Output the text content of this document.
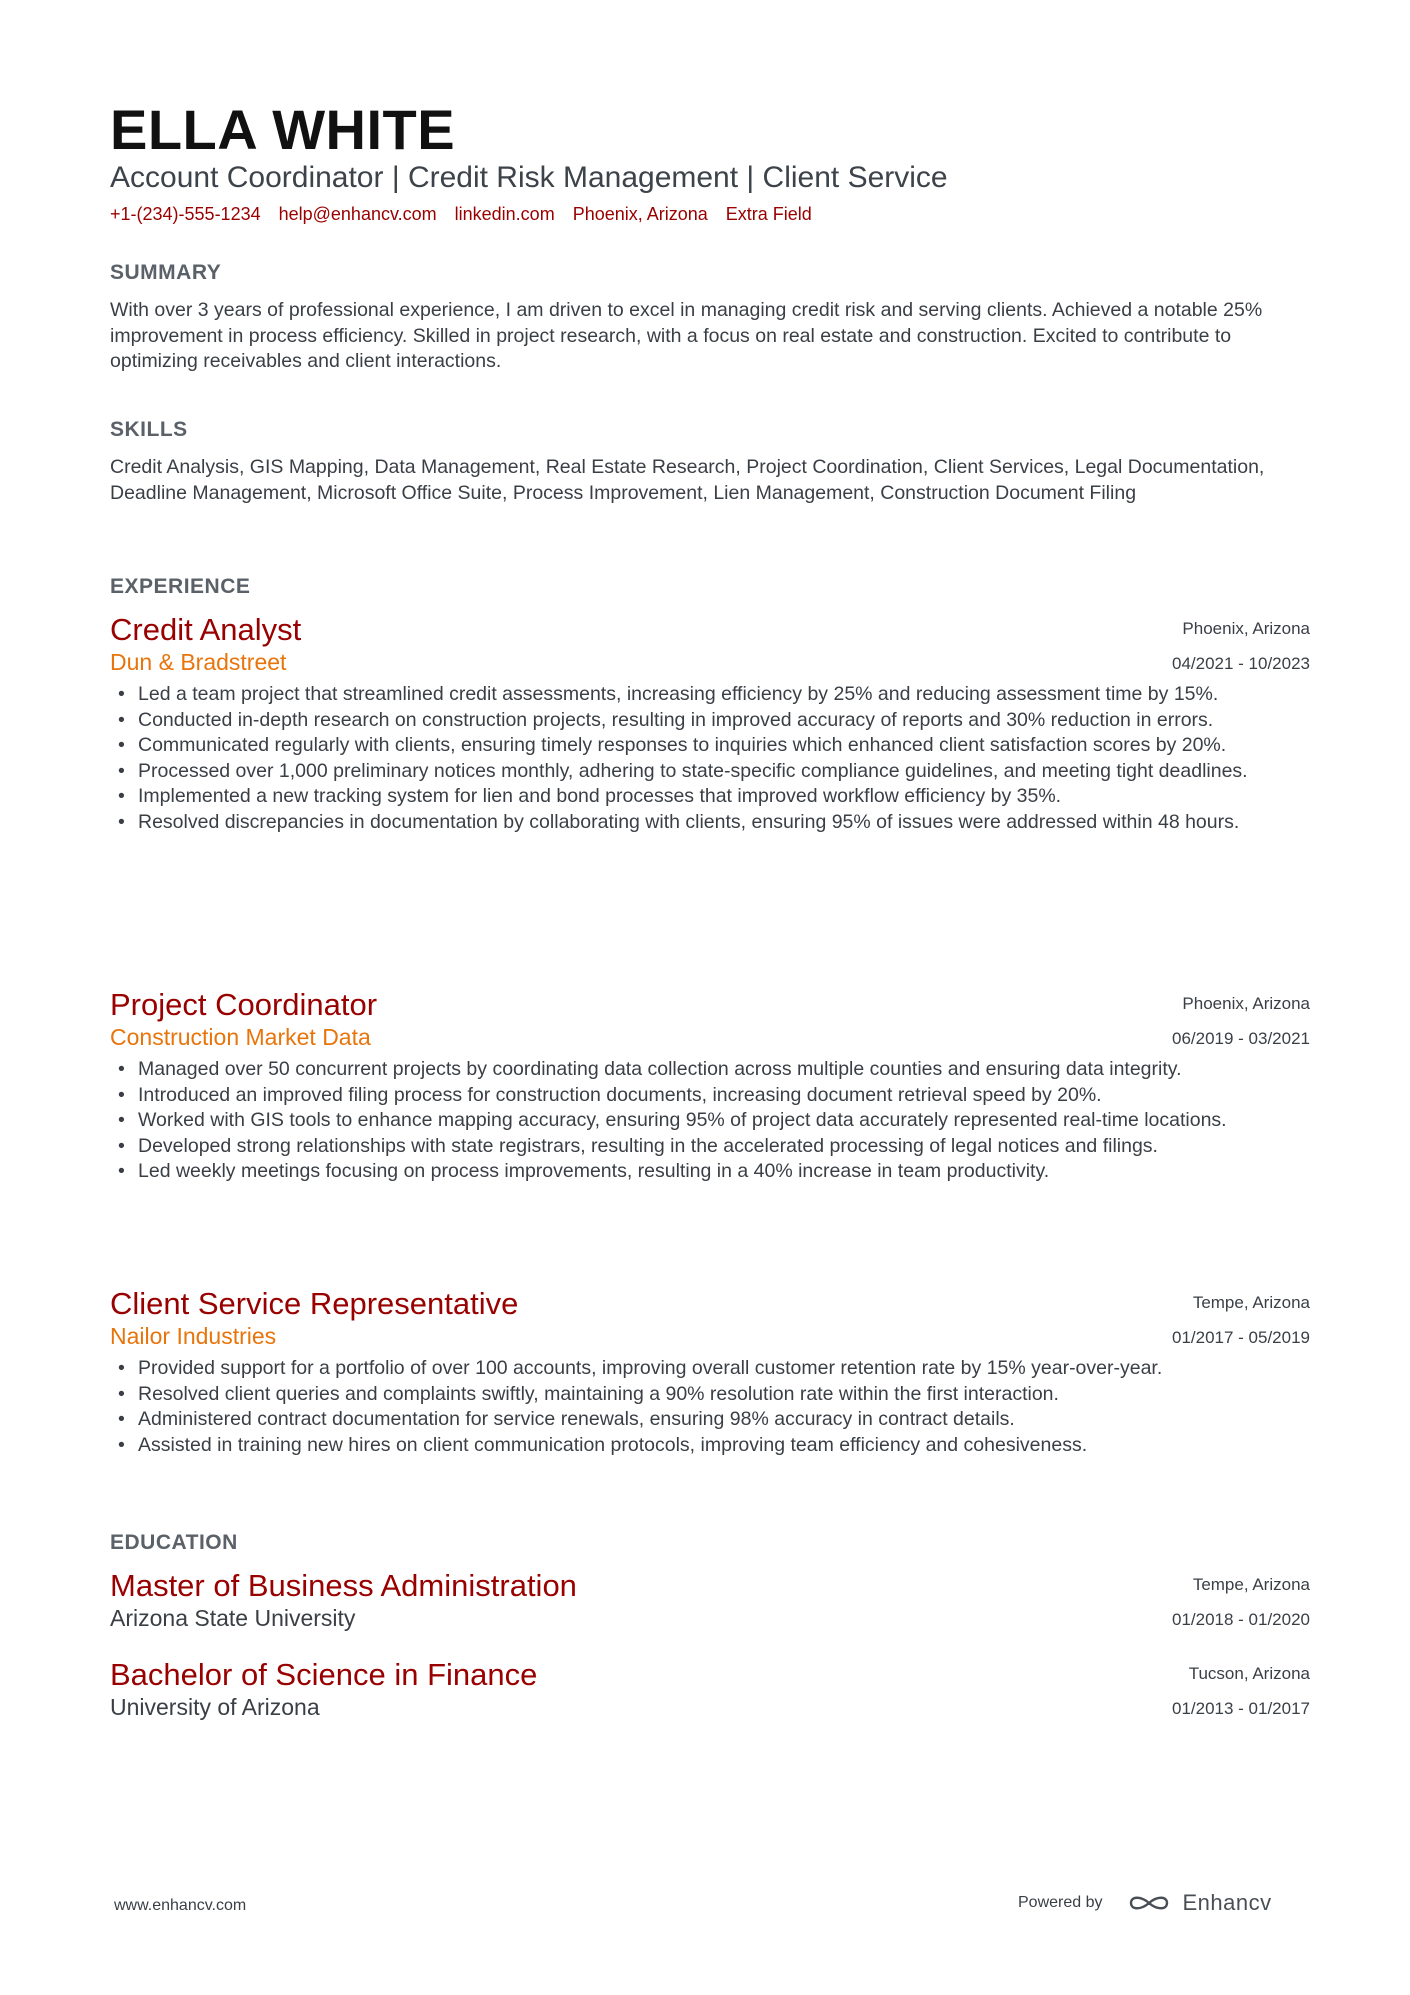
ELLA WHITE
Account Coordinator | Credit Risk Management | Client Service
+1-(234)-555-1234 help@enhancv.com linkedin.com Phoenix, Arizona Extra Field
SUMMARY
With over 3 years of professional experience, I am driven to excel in managing credit risk and serving clients. Achieved a notable 25% improvement in process efficiency. Skilled in project research, with a focus on real estate and construction. Excited to contribute to optimizing receivables and client interactions.
SKILLS
Credit Analysis, GIS Mapping, Data Management, Real Estate Research, Project Coordination, Client Services, Legal Documentation, Deadline Management, Microsoft Office Suite, Process Improvement, Lien Management, Construction Document Filing
EXPERIENCE
Credit Analyst
Dun & Bradstreet
Phoenix, Arizona
04/2021 - 10/2023
• Led a team project that streamlined credit assessments, increasing efficiency by 25% and reducing assessment time by 15%.
• Conducted in-depth research on construction projects, resulting in improved accuracy of reports and 30% reduction in errors.
• Communicated regularly with clients, ensuring timely responses to inquiries which enhanced client satisfaction scores by 20%.
• Processed over 1,000 preliminary notices monthly, adhering to state-specific compliance guidelines, and meeting tight deadlines.
• Implemented a new tracking system for lien and bond processes that improved workflow efficiency by 35%.
• Resolved discrepancies in documentation by collaborating with clients, ensuring 95% of issues were addressed within 48 hours.
Project Coordinator
Construction Market Data
Phoenix, Arizona
06/2019 - 03/2021
• Managed over 50 concurrent projects by coordinating data collection across multiple counties and ensuring data integrity.
• Introduced an improved filing process for construction documents, increasing document retrieval speed by 20%.
• Worked with GIS tools to enhance mapping accuracy, ensuring 95% of project data accurately represented real-time locations.
• Developed strong relationships with state registrars, resulting in the accelerated processing of legal notices and filings.
• Led weekly meetings focusing on process improvements, resulting in a 40% increase in team productivity.
Client Service Representative
Nailor Industries
Tempe, Arizona
01/2017 - 05/2019
• Provided support for a portfolio of over 100 accounts, improving overall customer retention rate by 15% year-over-year.
• Resolved client queries and complaints swiftly, maintaining a 90% resolution rate within the first interaction.
• Administered contract documentation for service renewals, ensuring 98% accuracy in contract details.
• Assisted in training new hires on client communication protocols, improving team efficiency and cohesiveness.
EDUCATION
Master of Business Administration
Arizona State University
Tempe, Arizona
01/2018 - 01/2020
Bachelor of Science in Finance
University of Arizona
Tucson, Arizona
01/2013 - 01/2017
www.enhancv.com	Powered by	Enhancv
